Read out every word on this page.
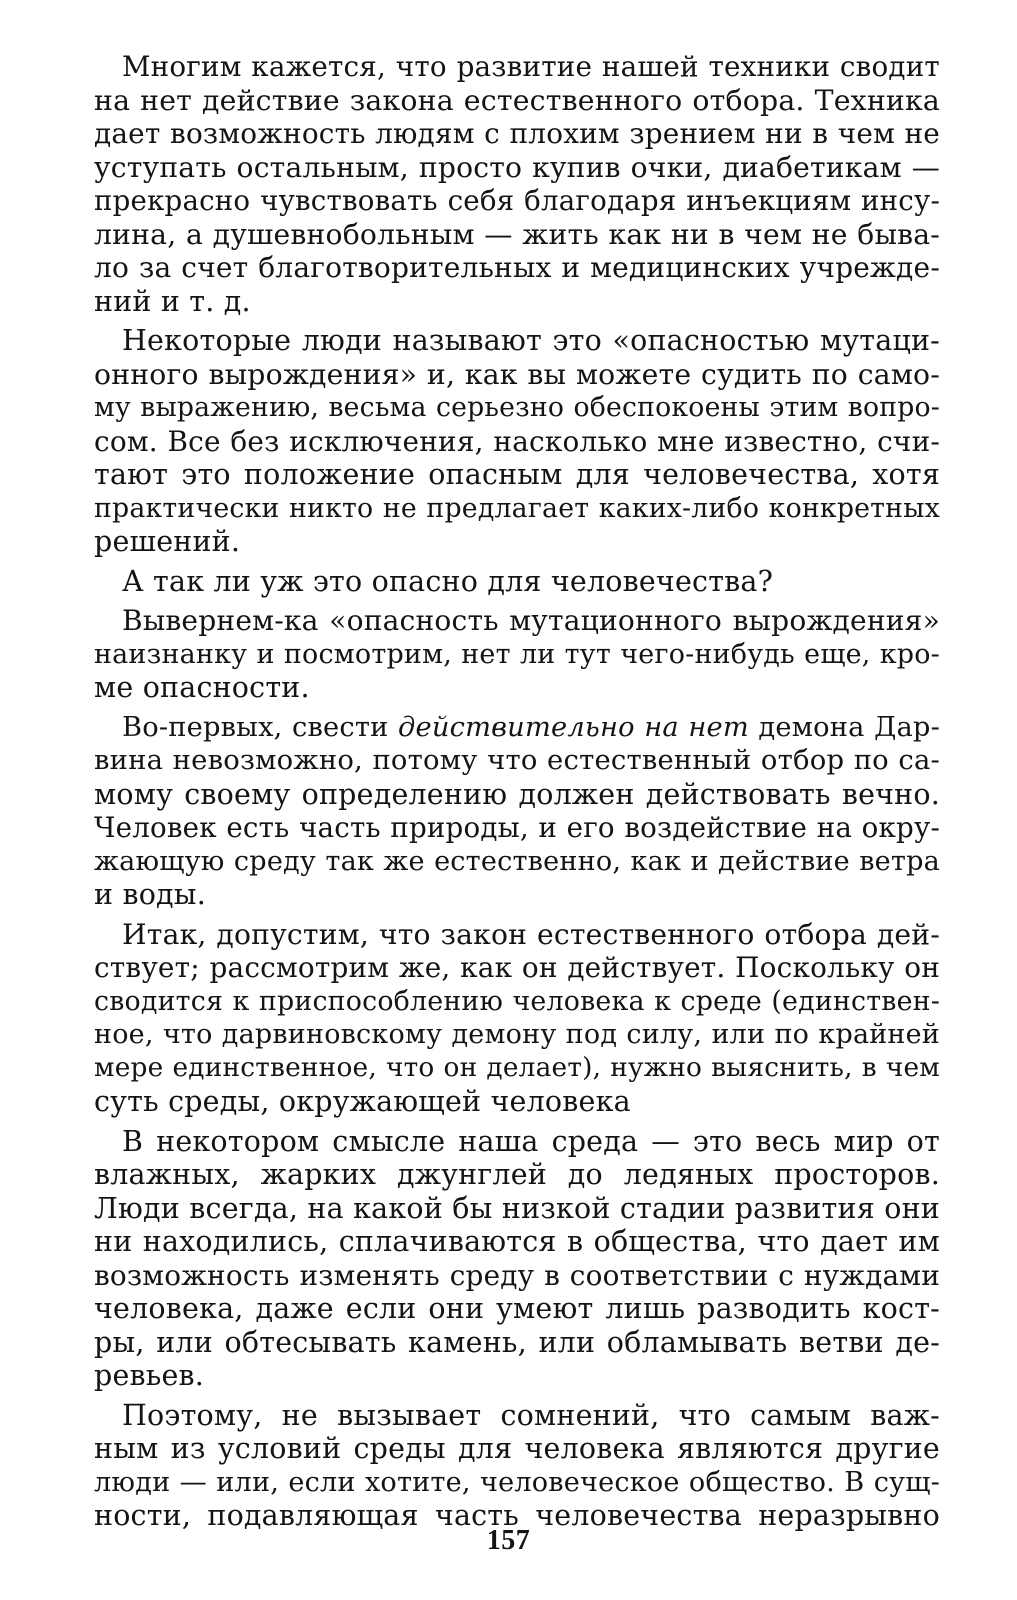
Многим кажется, что развитие нашей техники сводит
на нет действие закона естественного отбора. Техника
дает возможность людям с плохим зрением ни в чем не
уступать остальным, просто купив очки, диабетикам —
прекрасно чувствовать себя благодаря инъекциям инсу-
лина, а душевнобольным — жить как ни в чем не быва-
ло за счет благотворительных и медицинских учрежде-
ний и т. д.
Некоторые люди называют это «опасностью мутаци-
онного вырождения» и, как вы можете судить по само-
му выражению, весьма серьезно обеспокоены этим вопро-
сом. Все без исключения, насколько мне известно, счи-
тают это положение опасным для человечества, хотя
практически никто не предлагает каких-либо конкретных
решений.
А так ли уж это опасно для человечества?
Вывернем-ка «опасность мутационного вырождения»
наизнанку и посмотрим, нет ли тут чего-нибудь еще, кро-
ме опасности.
Во-первых, свести действительно на нет демона Дар-
вина невозможно, потому что естественный отбор по са-
мому своему определению должен действовать вечно.
Человек есть часть природы, и его воздействие на окру-
жающую среду так же естественно, как и действие ветра
и воды.
Итак, допустим, что закон естественного отбора дей-
ствует; рассмотрим же, как он действует. Поскольку он
сводится к приспособлению человека к среде (единствен-
ное, что дарвиновскому демону под силу, или по крайней
мере единственное, что он делает), нужно выяснить, в чем
суть среды, окружающей человека
В некотором смысле наша среда — это весь мир от
влажных, жарких джунглей до ледяных просторов.
Люди всегда, на какой бы низкой стадии развития они
ни находились, сплачиваются в общества, что дает им
возможность изменять среду в соответствии с нуждами
человека, даже если они умеют лишь разводить кост-
ры, или обтесывать камень, или обламывать ветви де-
ревьев.
Поэтому, не вызывает сомнений, что самым важ-
ным из условий среды для человека являются другие
люди — или, если хотите, человеческое общество. В сущ-
ности, подавляющая часть человечества неразрывно
157
